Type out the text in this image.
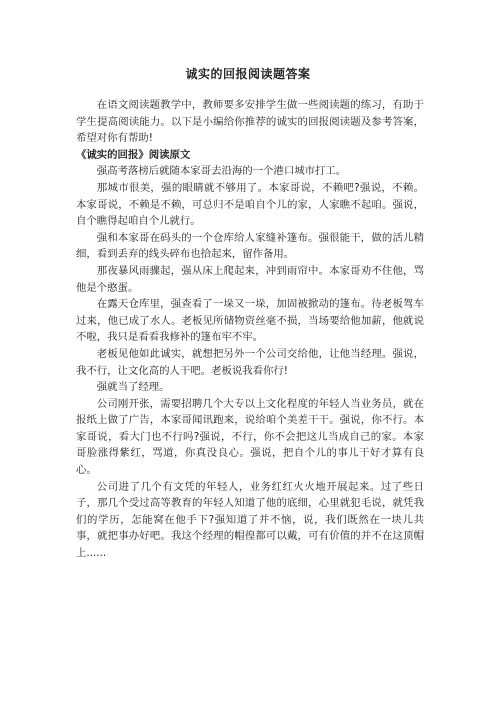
诚实的回报阅读题答案

在语文阅读题教学中，教师要多安排学生做一些阅读题的练习，有助于学生提高阅读能力。以下是小编给你推荐的诚实的回报阅读题及参考答案，希望对你有帮助!

《诚实的回报》阅读原文

强高考落榜后就随本家哥去沿海的一个港口城市打工。

那城市很美，强的眼睛就不够用了。本家哥说，不赖吧?强说，不赖。本家哥说，不赖是不赖，可总归不是咱自个儿的家，人家瞧不起咱。强说，自个瞧得起咱自个儿就行。

强和本家哥在码头的一个仓库给人家缝补篷布。强很能干，做的活儿精细，看到丢弃的线头碎布也拾起来，留作备用。

那夜暴风雨骤起，强从床上爬起来，冲到雨帘中。本家哥劝不住他，骂他是个憨蛋。

在露天仓库里，强查看了一垛又一垛，加固被掀动的篷布。待老板驾车过来，他已成了水人。老板见所储物资丝毫不损，当场要给他加薪，他就说不啦，我只是看看我修补的篷布牢不牢。

老板见他如此诚实，就想把另外一个公司交给他，让他当经理。强说，我不行，让文化高的人干吧。老板说我看你行!

强就当了经理。

公司刚开张，需要招聘几个大专以上文化程度的年轻人当业务员，就在报纸上做了广告，本家哥闻讯跑来，说给咱个美差干干。强说，你不行。本家哥说，看大门也不行吗?强说，不行，你不会把这儿当成自己的家。本家哥脸涨得紫红，骂道，你真没良心。强说，把自个儿的事儿干好才算有良心。

公司进了几个有文凭的年轻人，业务红红火火地开展起来。过了些日子，那几个受过高等教育的年轻人知道了他的底细，心里就犯毛说，就凭我们的学历，怎能窝在他手下?强知道了并不恼，说，我们既然在一块儿共事，就把事办好吧。我这个经理的帽徨都可以戴，可有价值的并不在这顶帽上......
